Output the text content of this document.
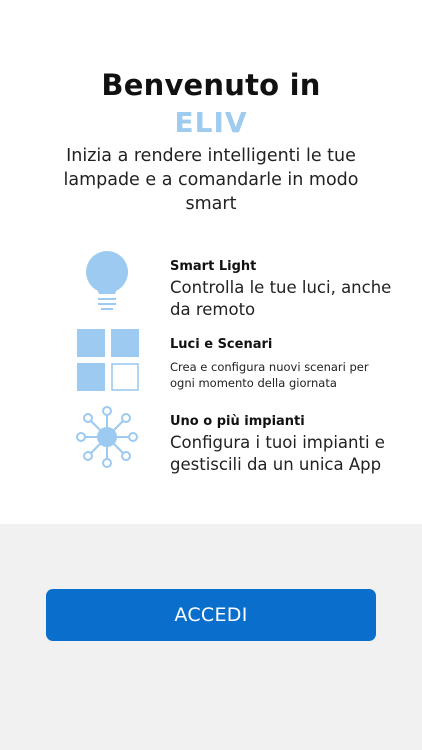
Benvenuto in
ELIV
Inizia a rendere intelligenti le tue lampade e a comandarle in modo smart
Smart Light
Controlla le tue luci, anche da remoto
Luci e Scenari
Crea e configura nuovi scenari per ogni momento della giornata
Uno o più impianti
Configura i tuoi impianti e gestiscili da un unica App
ACCEDI
